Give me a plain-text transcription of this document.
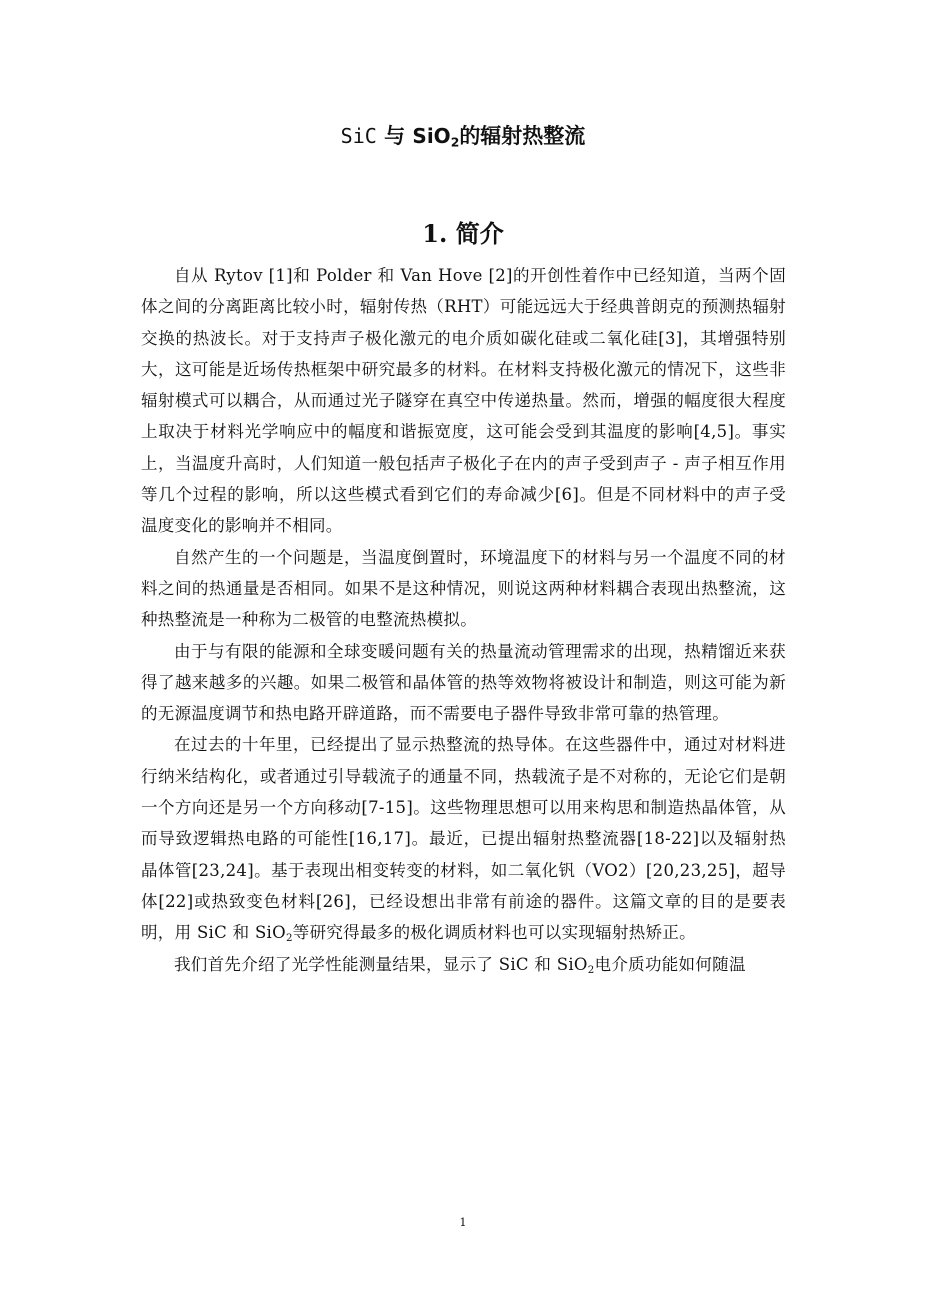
SiC 与 SiO$_2$的辐射热整流
1. 简介

自从 Rytov [1]和 Polder 和 Van Hove [2]的开创性着作中已经知道，当两个固体之间的分离距离比较小时，辐射传热（RHT）可能远远大于经典普朗克的预测热辐射交换的热波长。对于支持声子极化激元的电介质如碳化硅或二氧化硅[3]，其增强特别大，这可能是近场传热框架中研究最多的材料。在材料支持极化激元的情况下，这些非辐射模式可以耦合，从而通过光子隧穿在真空中传递热量。然而，增强的幅度很大程度上取决于材料光学响应中的幅度和谐振宽度，这可能会受到其温度的影响[4,5]。事实上，当温度升高时，人们知道一般包括声子极化子在内的声子受到声子 - 声子相互作用等几个过程的影响，所以这些模式看到它们的寿命减少[6]。但是不同材料中的声子受温度变化的影响并不相同。

自然产生的一个问题是，当温度倒置时，环境温度下的材料与另一个温度不同的材料之间的热通量是否相同。如果不是这种情况，则说这两种材料耦合表现出热整流，这种热整流是一种称为二极管的电整流热模拟。

由于与有限的能源和全球变暖问题有关的热量流动管理需求的出现，热精馏近来获得了越来越多的兴趣。如果二极管和晶体管的热等效物将被设计和制造，则这可能为新的无源温度调节和热电路开辟道路，而不需要电子器件导致非常可靠的热管理。

在过去的十年里，已经提出了显示热整流的热导体。在这些器件中，通过对材料进行纳米结构化，或者通过引导载流子的通量不同，热载流子是不对称的，无论它们是朝一个方向还是另一个方向移动[7-15]。这些物理思想可以用来构思和制造热晶体管，从而导致逻辑热电路的可能性[16,17]。最近，已提出辐射热整流器[18-22]以及辐射热晶体管[23,24]。基于表现出相变转变的材料，如二氧化钒（VO2）[20,23,25]，超导体[22]或热致变色材料[26]，已经设想出非常有前途的器件。这篇文章的目的是要表明，用 SiC 和 SiO$_2$等研究得最多的极化调质材料也可以实现辐射热矫正。

我们首先介绍了光学性能测量结果，显示了 SiC 和 SiO$_2$电介质功能如何随温

1
